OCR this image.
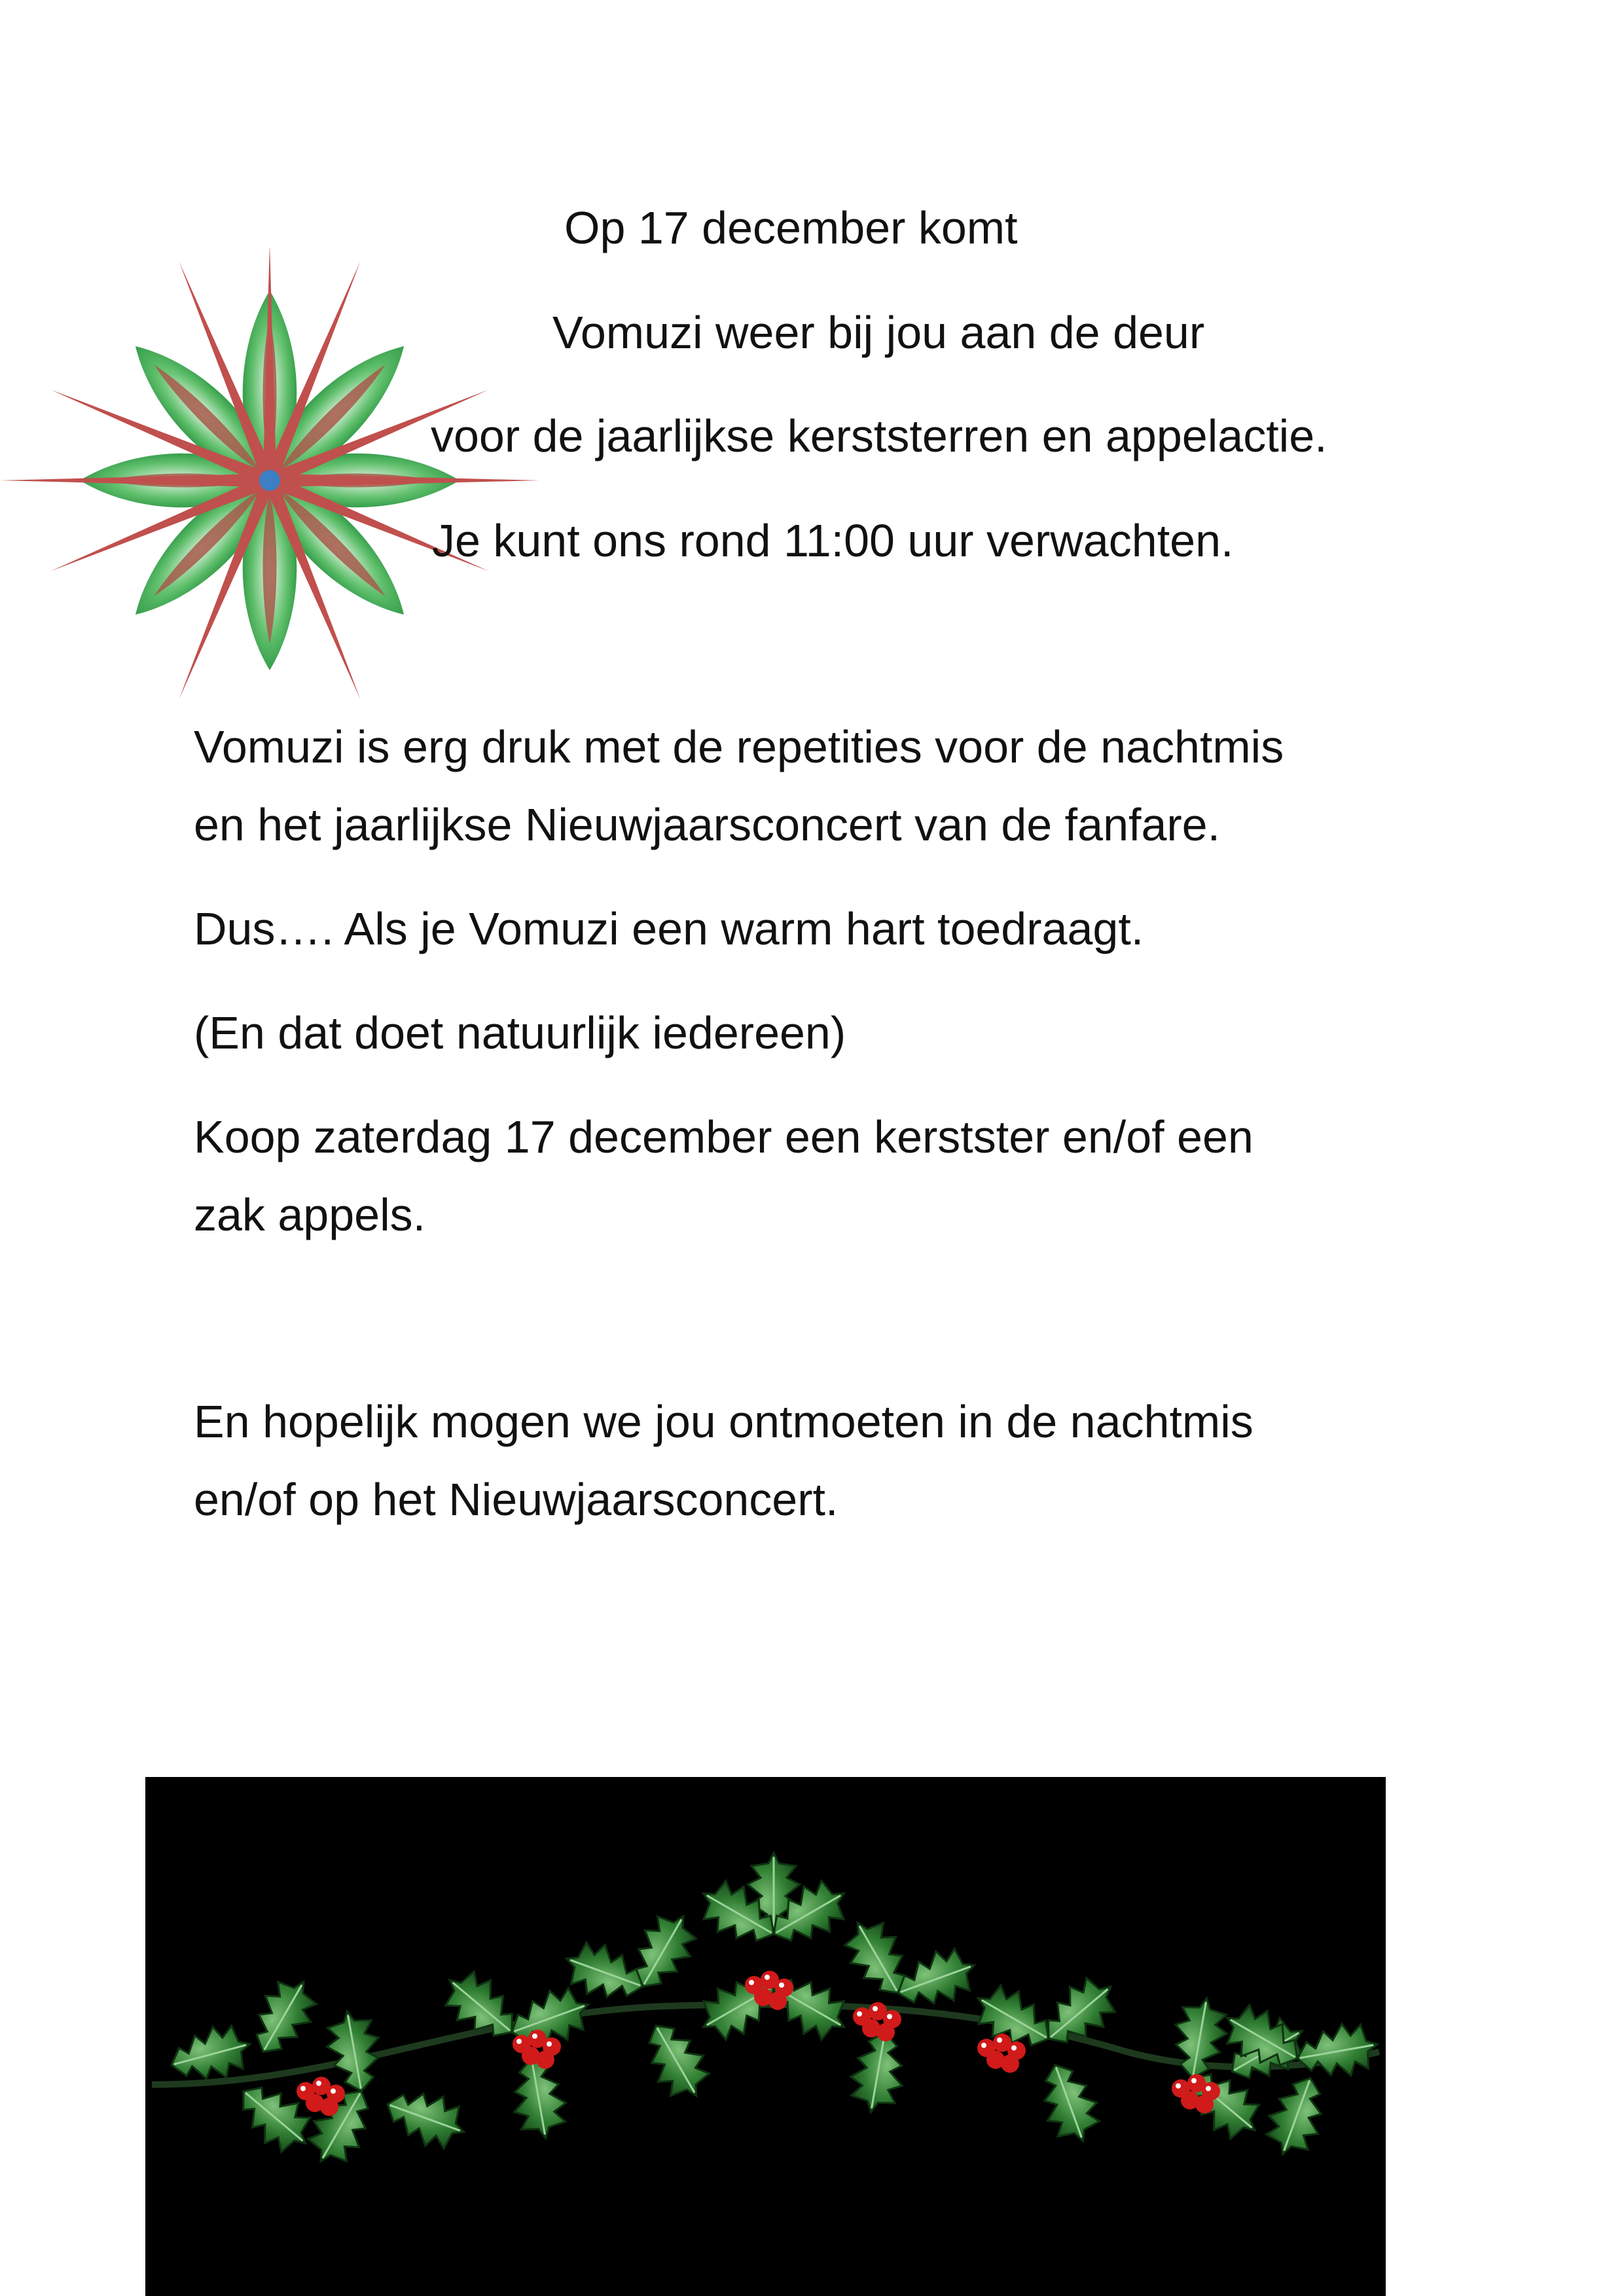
Op 17 december komt

Vomuzi weer bij jou aan de deur

voor de jaarlijkse kerststerren en appelactie.

Je kunt ons rond 11:00 uur verwachten.

Vomuzi is erg druk met de repetities voor de nachtmis

en het jaarlijkse Nieuwjaarsconcert van de fanfare.

Dus…. Als je Vomuzi een warm hart toedraagt.

(En dat doet natuurlijk iedereen)

Koop zaterdag 17 december een kerstster en/of een

zak appels.

En hopelijk mogen we jou ontmoeten in de nachtmis

en/of op het Nieuwjaarsconcert.
